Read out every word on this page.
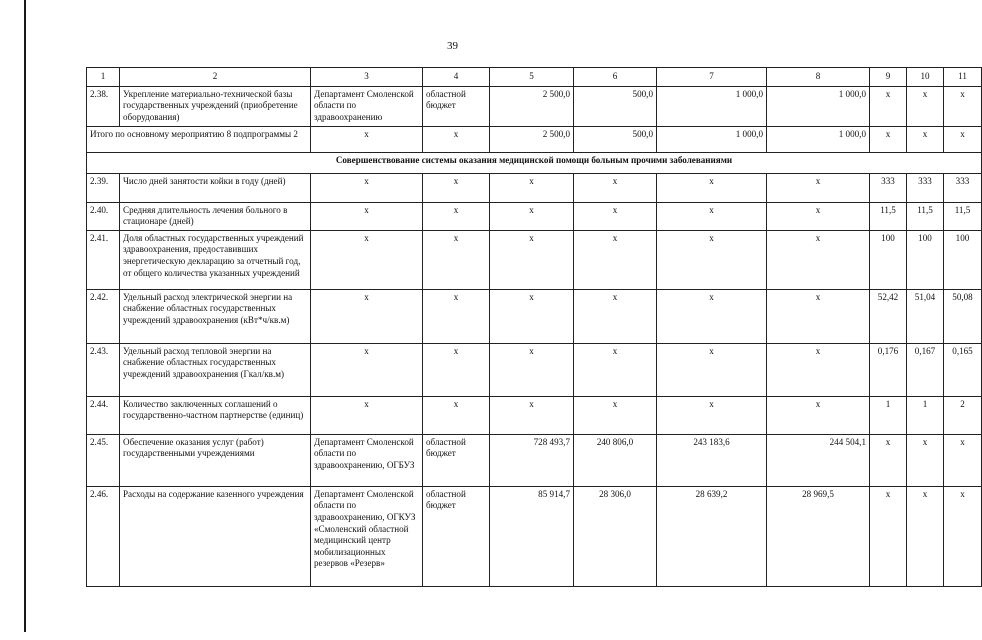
39
1	2	3	4	5	6	7	8	9	10	11
2.38.	Укрепление материально-технической базы государственных учреждений (приобретение оборудования)	Департамент Смоленской области по здравоохранению	областной бюджет	2 500,0	500,0	1 000,0	1 000,0	x	x	x
Итого по основному мероприятию 8 подпрограммы 2		x	x	2 500,0	500,0	1 000,0	1 000,0	x	x	x
Совершенствование системы оказания медицинской помощи больным прочими заболеваниями										
2.39.	Число дней занятости койки в году (дней)	x	x	x	x	x	x	333	333	333
2.40.	Средняя длительность лечения больного в стационаре (дней)	x	x	x	x	x	x	11,5	11,5	11,5
2.41.	Доля областных государственных учреждений здравоохранения, предоставивших энергетическую декларацию за отчетный год, от общего количества указанных учреждений	x	x	x	x	x	x	100	100	100
2.42.	Удельный расход электрической энергии на снабжение областных государственных учреждений здравоохранения (кВт*ч/кв.м)	x	x	x	x	x	x	52,42	51,04	50,08
2.43.	Удельный расход тепловой энергии на снабжение областных государственных учреждений здравоохранения (Гкал/кв.м)	x	x	x	x	x	x	0,176	0,167	0,165
2.44.	Количество заключенных соглашений о государственно-частном партнерстве (единиц)	x	x	x	x	x	x	1	1	2
2.45.	Обеспечение оказания услуг (работ) государственными учреждениями	Департамент Смоленской области по здравоохранению, ОГБУЗ	областной бюджет	728 493,7	240 806,0	243 183,6	244 504,1	x	x	x
2.46.	Расходы на содержание казенного учреждения	Департамент Смоленской области по здравоохранению, ОГКУЗ «Смоленский областной медицинский центр мобилизационных резервов «Резерв»	областной бюджет	85 914,7	28 306,0	28 639,2	28 969,5	x	x	x
